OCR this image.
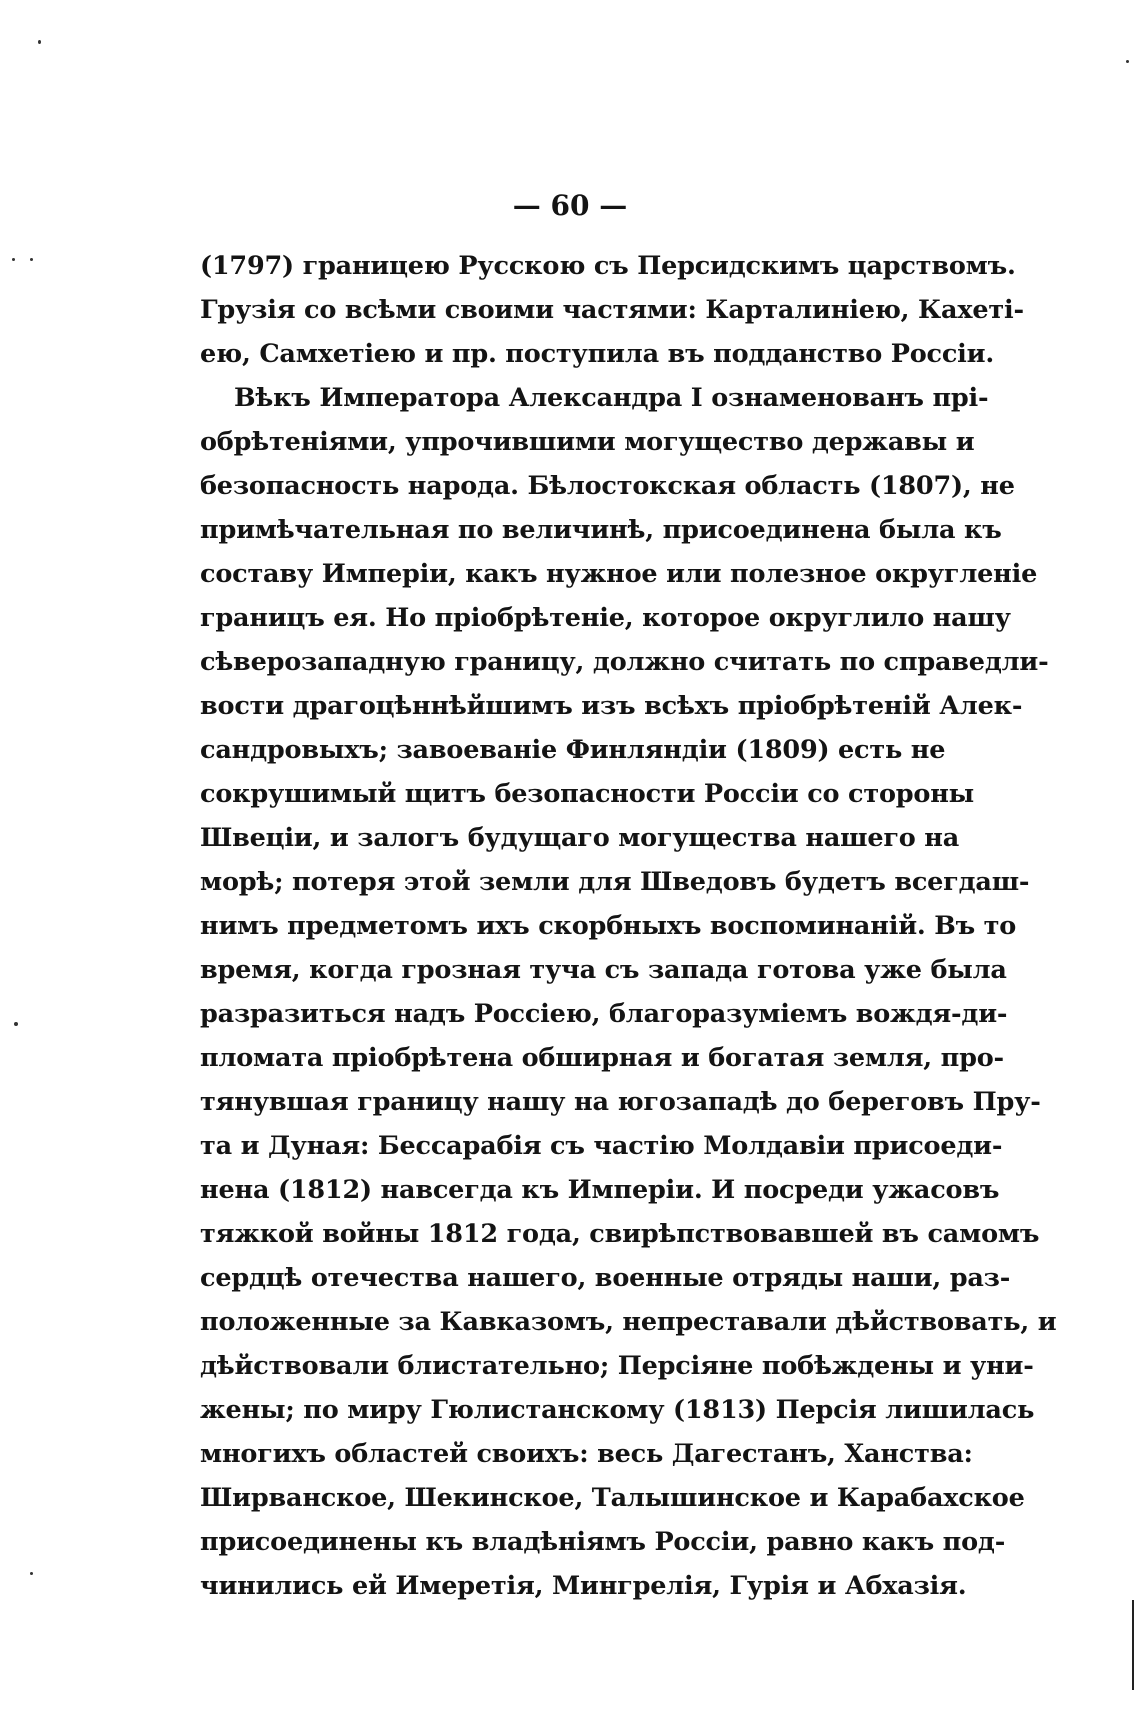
— 60 —
(1797) границею Русскою съ Персидскимъ царствомъ.
Грузія со всѣми своими частями: Карталиніею, Кахеті-
ею, Самхетіею и пр. поступила въ подданство Россіи.
Вѣкъ Императора Александра I ознаменованъ прі-
обрѣтеніями, упрочившими могущество державы и
безопасность народа. Бѣлостокская область (1807), не
примѣчательная по величинѣ, присоединена была къ
составу Имперіи, какъ нужное или полезное округленіе
границъ ея. Но пріобрѣтеніе, которое округлило нашу
сѣверозападную границу, должно считать по справедли-
вости драгоцѣннѣйшимъ изъ всѣхъ пріобрѣтеній Алек-
сандровыхъ; завоеваніе Финляндіи (1809) есть не
сокрушимый щитъ безопасности Россіи со стороны
Швеціи, и залогъ будущаго могущества нашего на
морѣ; потеря этой земли для Шведовъ будетъ всегдаш-
нимъ предметомъ ихъ скорбныхъ воспоминаній. Въ то
время, когда грозная туча съ запада готова уже была
разразиться надъ Россіею, благоразуміемъ вождя-ди-
пломата пріобрѣтена обширная и богатая земля, про-
тянувшая границу нашу на югозападѣ до береговъ Пру-
та и Дуная: Бессарабія съ частію Молдавіи присоеди-
нена (1812) навсегда къ Имперіи. И посреди ужасовъ
тяжкой войны 1812 года, свирѣпствовавшей въ самомъ
сердцѣ отечества нашего, военные отряды наши, раз-
положенные за Кавказомъ, непреставали дѣйствовать, и
дѣйствовали блистательно; Персіяне побѣждены и уни-
жены; по миру Гюлистанскому (1813) Персія лишилась
многихъ областей своихъ: весь Дагестанъ, Ханства:
Ширванское, Шекинское, Талышинское и Карабахское
присоединены къ владѣніямъ Россіи, равно какъ под-
чинились ей Имеретія, Мингрелія, Гурія и Абхазія.
